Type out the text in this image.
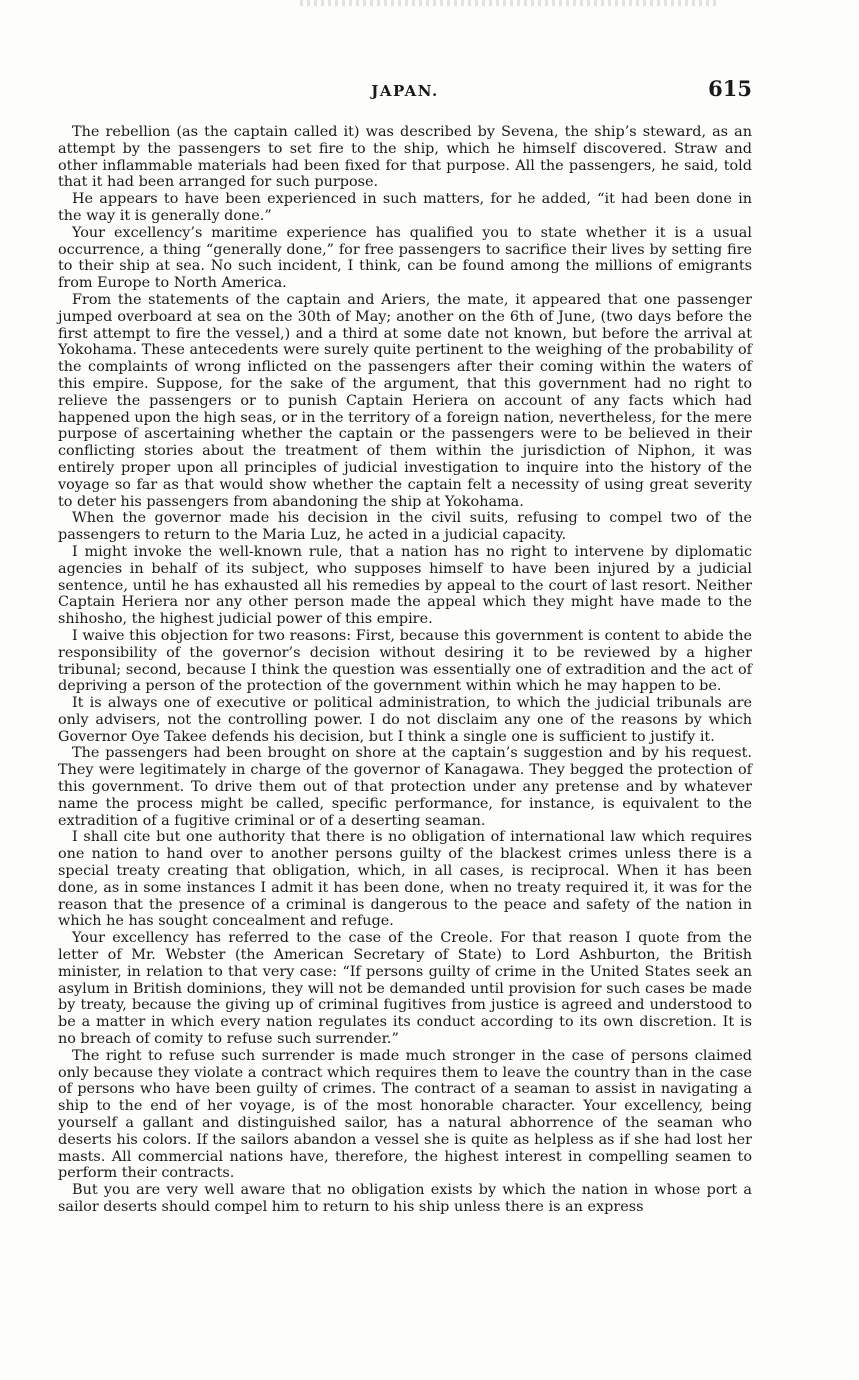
JAPAN.	615

The rebellion (as the captain called it) was described by Sevena, the ship’s steward, as an attempt by the passengers to set fire to the ship, which he himself discovered. Straw and other inflammable materials had been fixed for that purpose. All the passengers, he said, told that it had been arranged for such purpose.

He appears to have been experienced in such matters, for he added, “it had been done in the way it is generally done.”

Your excellency’s maritime experience has qualified you to state whether it is a usual occurrence, a thing “generally done,” for free passengers to sacrifice their lives by setting fire to their ship at sea. No such incident, I think, can be found among the millions of emigrants from Europe to North America.

From the statements of the captain and Ariers, the mate, it appeared that one passenger jumped overboard at sea on the 30th of May; another on the 6th of June, (two days before the first attempt to fire the vessel,) and a third at some date not known, but before the arrival at Yokohama. These antecedents were surely quite pertinent to the weighing of the probability of the complaints of wrong inflicted on the passengers after their coming within the waters of this empire. Suppose, for the sake of the argument, that this government had no right to relieve the passengers or to punish Captain Heriera on account of any facts which had happened upon the high seas, or in the territory of a foreign nation, nevertheless, for the mere purpose of ascertaining whether the captain or the passengers were to be believed in their conflicting stories about the treatment of them within the jurisdiction of Niphon, it was entirely proper upon all principles of judicial investigation to inquire into the history of the voyage so far as that would show whether the captain felt a necessity of using great severity to deter his passengers from abandoning the ship at Yokohama.

When the governor made his decision in the civil suits, refusing to compel two of the passengers to return to the Maria Luz, he acted in a judicial capacity.

I might invoke the well-known rule, that a nation has no right to intervene by diplomatic agencies in behalf of its subject, who supposes himself to have been injured by a judicial sentence, until he has exhausted all his remedies by appeal to the court of last resort. Neither Captain Heriera nor any other person made the appeal which they might have made to the shihosho, the highest judicial power of this empire.

I waive this objection for two reasons: First, because this government is content to abide the responsibility of the governor’s decision without desiring it to be reviewed by a higher tribunal; second, because I think the question was essentially one of extradition and the act of depriving a person of the protection of the government within which he may happen to be.

It is always one of executive or political administration, to which the judicial tribunals are only advisers, not the controlling power. I do not disclaim any one of the reasons by which Governor Oye Takee defends his decision, but I think a single one is sufficient to justify it.

The passengers had been brought on shore at the captain’s suggestion and by his request. They were legitimately in charge of the governor of Kanagawa. They begged the protection of this government. To drive them out of that protection under any pretense and by whatever name the process might be called, specific performance, for instance, is equivalent to the extradition of a fugitive criminal or of a deserting seaman.

I shall cite but one authority that there is no obligation of international law which requires one nation to hand over to another persons guilty of the blackest crimes unless there is a special treaty creating that obligation, which, in all cases, is reciprocal. When it has been done, as in some instances I admit it has been done, when no treaty required it, it was for the reason that the presence of a criminal is dangerous to the peace and safety of the nation in which he has sought concealment and refuge.

Your excellency has referred to the case of the Creole. For that reason I quote from the letter of Mr. Webster (the American Secretary of State) to Lord Ashburton, the British minister, in relation to that very case: “If persons guilty of crime in the United States seek an asylum in British dominions, they will not be demanded until provision for such cases be made by treaty, because the giving up of criminal fugitives from justice is agreed and understood to be a matter in which every nation regulates its conduct according to its own discretion. It is no breach of comity to refuse such surrender.”

The right to refuse such surrender is made much stronger in the case of persons claimed only because they violate a contract which requires them to leave the country than in the case of persons who have been guilty of crimes. The contract of a seaman to assist in navigating a ship to the end of her voyage, is of the most honorable character. Your excellency, being yourself a gallant and distinguished sailor, has a natural abhorrence of the seaman who deserts his colors. If the sailors abandon a vessel she is quite as helpless as if she had lost her masts. All commercial nations have, therefore, the highest interest in compelling seamen to perform their contracts.

But you are very well aware that no obligation exists by which the nation in whose port a sailor deserts should compel him to return to his ship unless there is an express
